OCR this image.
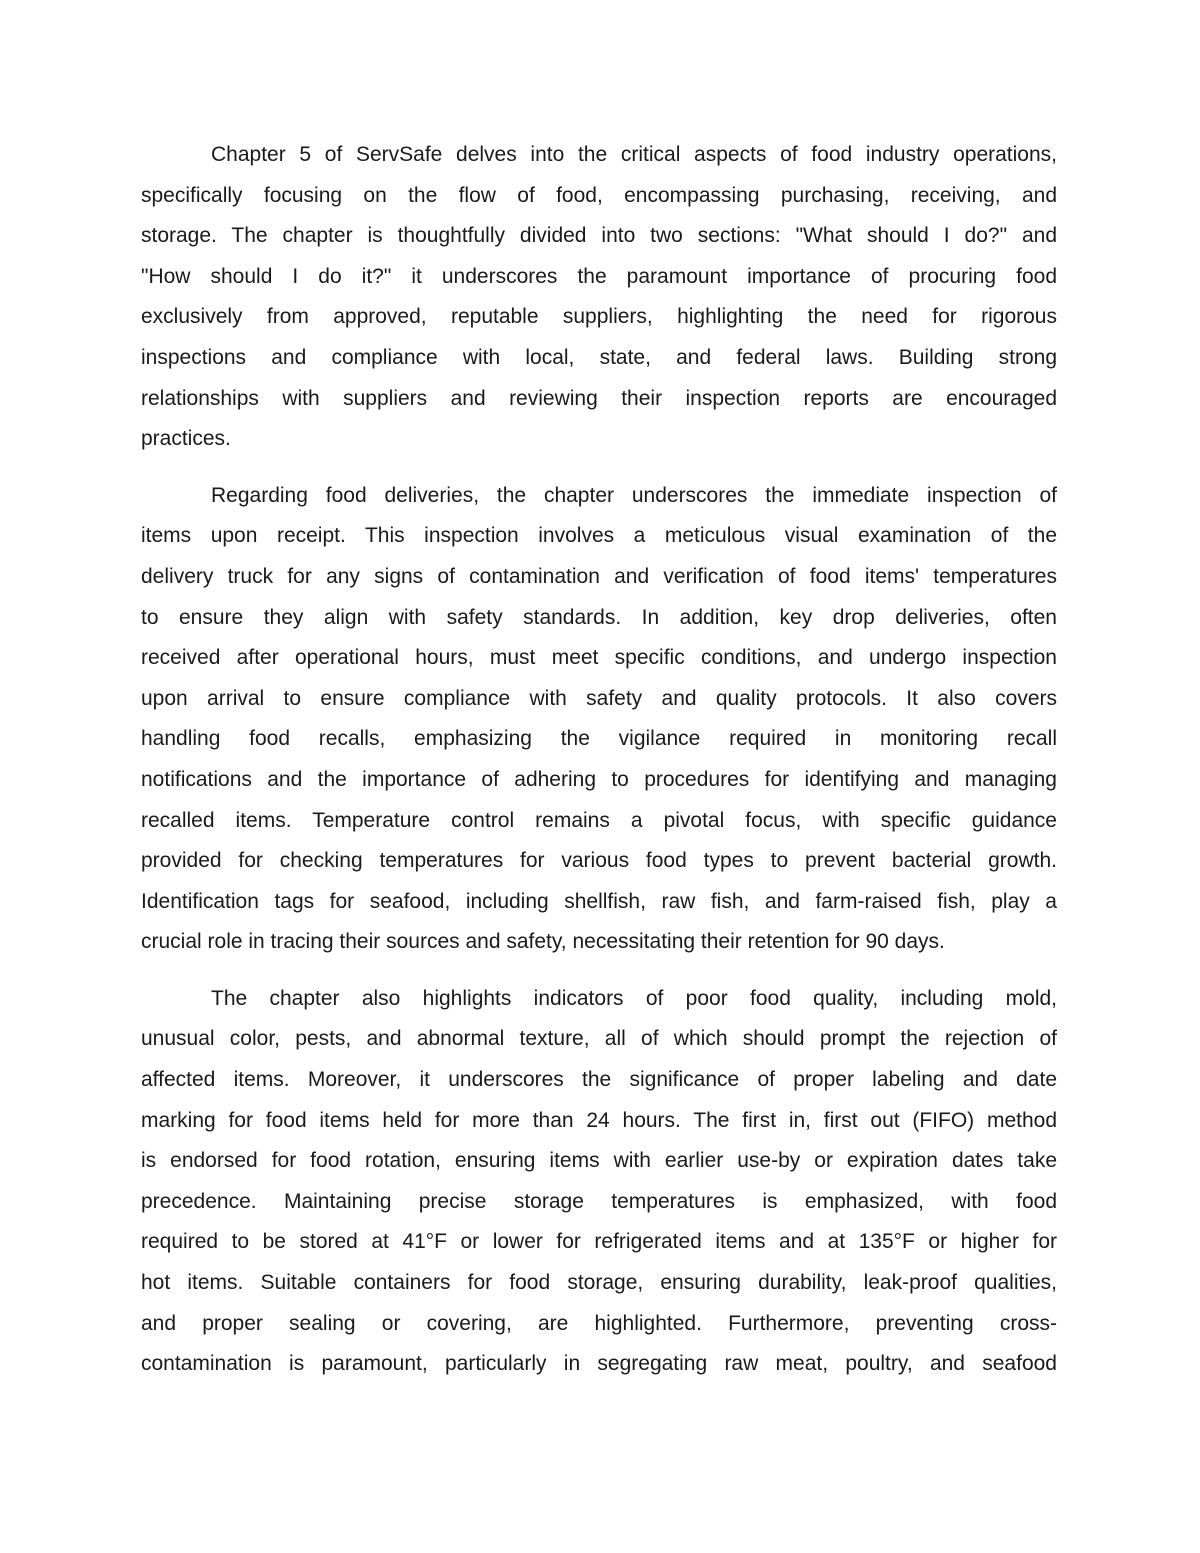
Chapter 5 of ServSafe delves into the critical aspects of food industry operations,
specifically focusing on the flow of food, encompassing purchasing, receiving, and
storage. The chapter is thoughtfully divided into two sections: "What should I do?" and
"How should I do it?" it underscores the paramount importance of procuring food
exclusively from approved, reputable suppliers, highlighting the need for rigorous
inspections and compliance with local, state, and federal laws. Building strong
relationships with suppliers and reviewing their inspection reports are encouraged
practices.
Regarding food deliveries, the chapter underscores the immediate inspection of
items upon receipt. This inspection involves a meticulous visual examination of the
delivery truck for any signs of contamination and verification of food items' temperatures
to ensure they align with safety standards. In addition, key drop deliveries, often
received after operational hours, must meet specific conditions, and undergo inspection
upon arrival to ensure compliance with safety and quality protocols. It also covers
handling food recalls, emphasizing the vigilance required in monitoring recall
notifications and the importance of adhering to procedures for identifying and managing
recalled items. Temperature control remains a pivotal focus, with specific guidance
provided for checking temperatures for various food types to prevent bacterial growth.
Identification tags for seafood, including shellfish, raw fish, and farm-raised fish, play a
crucial role in tracing their sources and safety, necessitating their retention for 90 days.
The chapter also highlights indicators of poor food quality, including mold,
unusual color, pests, and abnormal texture, all of which should prompt the rejection of
affected items. Moreover, it underscores the significance of proper labeling and date
marking for food items held for more than 24 hours. The first in, first out (FIFO) method
is endorsed for food rotation, ensuring items with earlier use-by or expiration dates take
precedence. Maintaining precise storage temperatures is emphasized, with food
required to be stored at 41°F or lower for refrigerated items and at 135°F or higher for
hot items. Suitable containers for food storage, ensuring durability, leak-proof qualities,
and proper sealing or covering, are highlighted. Furthermore, preventing cross-
contamination is paramount, particularly in segregating raw meat, poultry, and seafood
